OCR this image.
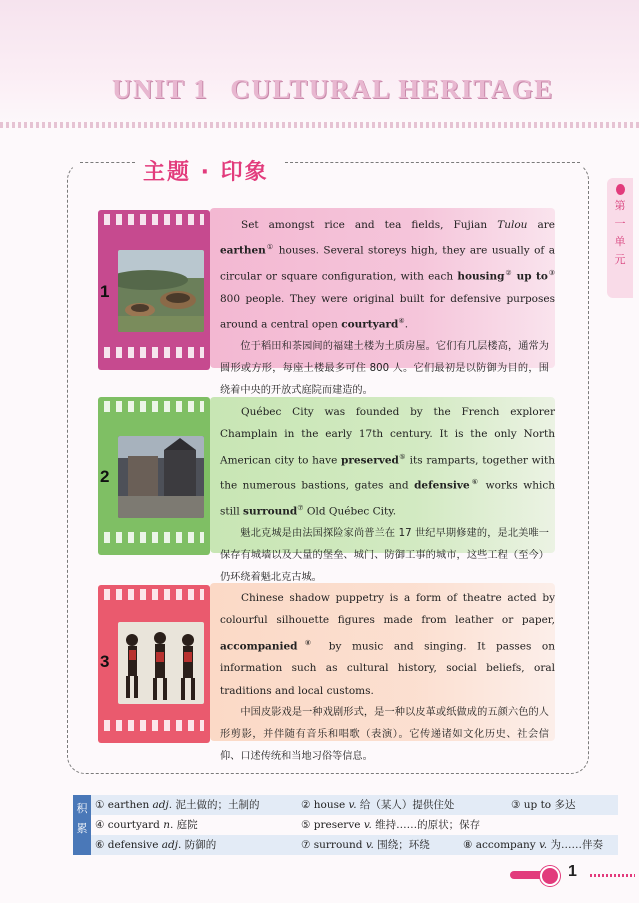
UNIT 1 CULTURAL HERITAGE
主题 · 印象
第
一
单
元

Set amongst rice and tea fields, Fujian Tulou are earthen① houses. Several storeys high, they are usually of a circular or square configuration, with each housing② up to③ 800 people. They were original built for defensive purposes around a central open courtyard④.

位于稻田和茶园间的福建土楼为土质房屋。它们有几层楼高，通常为圆形或方形，每座土楼最多可住 800 人。它们最初是以防御为目的，围绕着中央的开放式庭院而建造的。

1

Québec City was founded by the French explorer Champlain in the early 17th century. It is the only North American city to have preserved⑤ its ramparts, together with the numerous bastions, gates and defensive⑥ works which still surround⑦ Old Québec City.

魁北克城是由法国探险家尚普兰在 17 世纪早期修建的，是北美唯一保存有城墙以及大量的堡垒、城门、防御工事的城市，这些工程（至今）仍环绕着魁北克古城。

2

Chinese shadow puppetry is a form of theatre acted by colourful silhouette figures made from leather or paper, accompanied⑧ by music and singing. It passes on information such as cultural history, social beliefs, oral traditions and local customs.

中国皮影戏是一种戏剧形式，是一种以皮革或纸做成的五颜六色的人形剪影，并伴随有音乐和唱歌（表演）。它传递诸如文化历史、社会信仰、口述传统和当地习俗等信息。

3
积
累
① earthen adj. 泥土做的；土制的	② house v. 给（某人）提供住处	③ up to 多达
④ courtyard n. 庭院	⑤ preserve v. 维持……的原状；保存
⑥ defensive adj. 防御的	⑦ surround v. 围绕；环绕	⑧ accompany v. 为……伴奏
1
